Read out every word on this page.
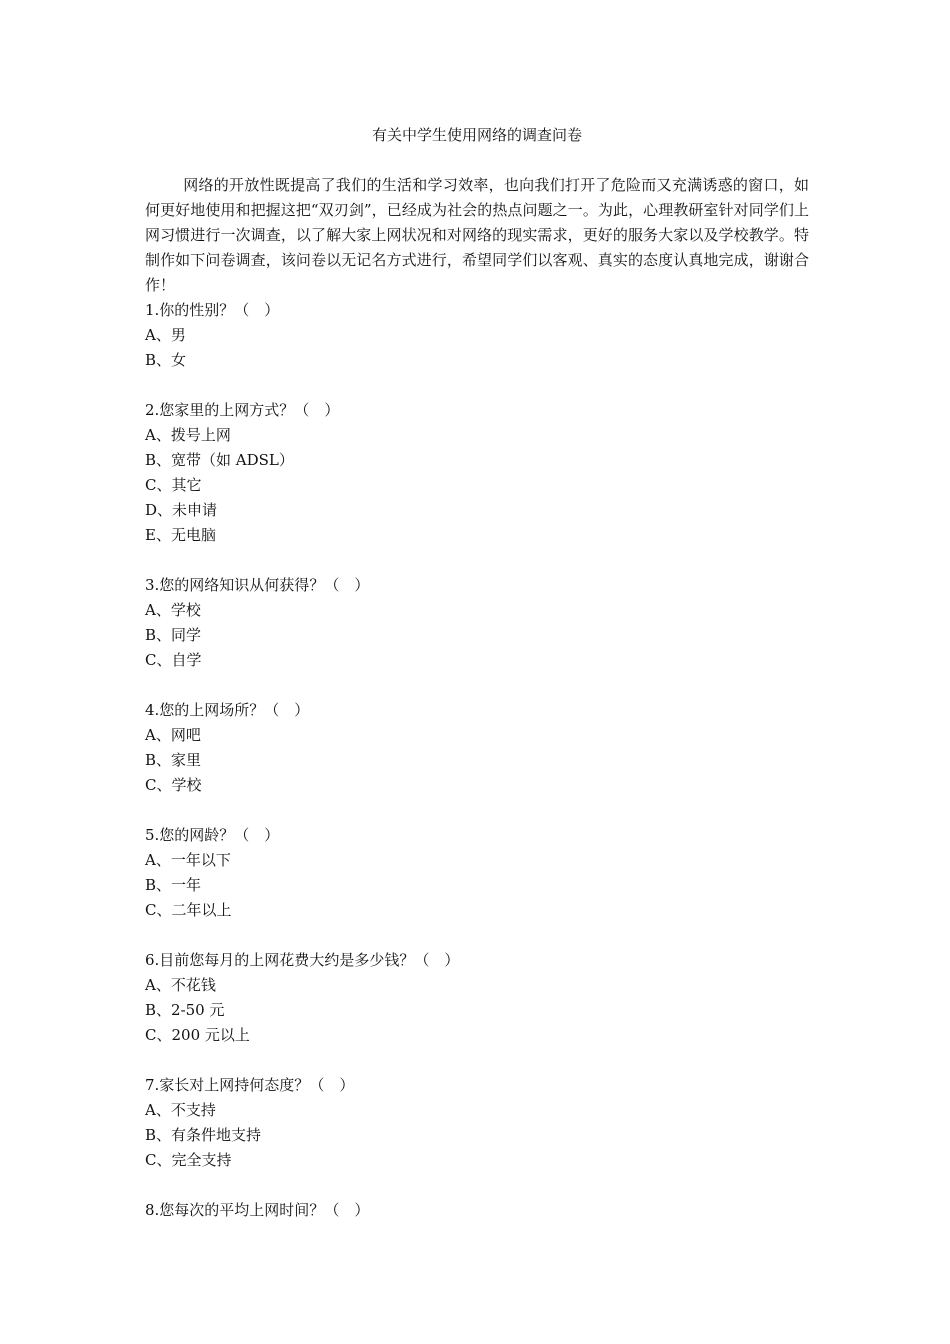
有关中学生使用网络的调查问卷

网络的开放性既提高了我们的生活和学习效率，也向我们打开了危险而又充满诱惑的窗口，如何更好地使用和把握这把“双刃剑”，已经成为社会的热点问题之一。为此，心理教研室针对同学们上网习惯进行一次调查，以了解大家上网状况和对网络的现实需求，更好的服务大家以及学校教学。特制作如下问卷调查，该问卷以无记名方式进行，希望同学们以客观、真实的态度认真地完成，谢谢合作！

1.你的性别？（　）

A、男

B、女

2.您家里的上网方式？（　）

A、拨号上网

B、宽带（如 ADSL）

C、其它

D、未申请

E、无电脑

3.您的网络知识从何获得？（　）

A、学校

B、同学

C、自学

4.您的上网场所？（　）

A、网吧

B、家里

C、学校

5.您的网龄？（　）

A、一年以下

B、一年

C、二年以上

6.目前您每月的上网花费大约是多少钱？（　）

A、不花钱

B、2-50 元

C、200 元以上

7.家长对上网持何态度？（　）

A、不支持

B、有条件地支持

C、完全支持

8.您每次的平均上网时间？（　）
